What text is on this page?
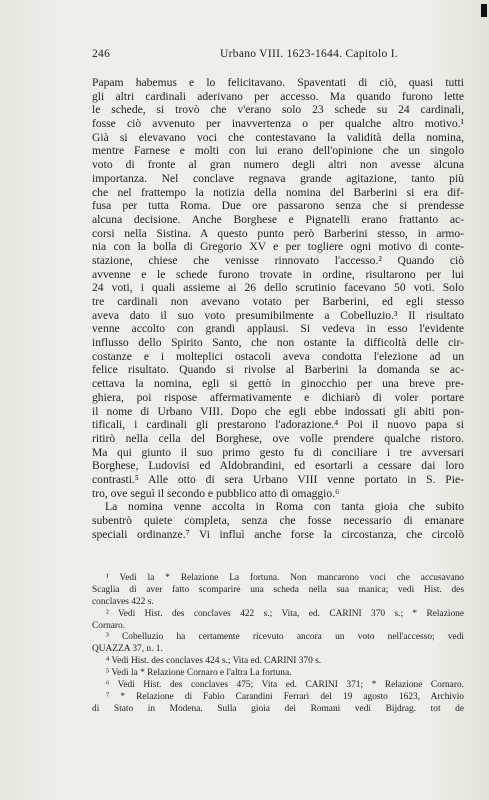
246	Urbano VIII. 1623-1644. Capitolo I.
Papam habemus e lo felicitavano. Spaventati di ciò, quasi tutti
gli altri cardinali aderivano per accesso. Ma quando furono lette
le schede, si trovò che v'erano solo 23 schede su 24 cardinali,
fosse ciò avvenuto per inavvertenza o per qualche altro motivo.¹
Già si elevavano voci che contestavano la validità della nomina,
mentre Farnese e molti con lui erano dell'opinione che un singolo
voto di fronte al gran numero degli altri non avesse alcuna
importanza. Nel conclave regnava grande agitazione, tanto più
che nel frattempo la notizia della nomina del Barberini si era dif-
fusa per tutta Roma. Due ore passarono senza che si prendesse
alcuna decisione. Anche Borghese e Pignatelli erano frattanto ac-
corsi nella Sistina. A questo punto però Barberini stesso, in armo-
nia con la bolla di Gregorio XV e per togliere ogni motivo di conte-
stazione, chiese che venisse rinnovato l'accesso.² Quando ciò
avvenne e le schede furono trovate in ordine, risultarono per lui
24 voti, i quali assieme ai 26 dello scrutinio facevano 50 voti. Solo
tre cardinali non avevano votato per Barberini, ed egli stesso
aveva dato il suo voto presumibilmente a Cobelluzio.³ Il risultato
venne accolto con grandi applausi. Si vedeva in esso l'evidente
influsso dello Spirito Santo, che non ostante la difficoltà delle cir-
costanze e i molteplici ostacoli aveva condotta l'elezione ad un
felice risultato. Quando si rivolse al Barberini la domanda se ac-
cettava la nomina, egli si gettò in ginocchio per una breve pre-
ghiera, poi rispose affermativamente e dichiarò di voler portare
il nome di Urbano VIII. Dopo che egli ebbe indossati gli abiti pon-
tificali, i cardinali gli prestarono l'adorazione.⁴ Poi il nuovo papa si
ritirò nella cella del Borghese, ove volle prendere qualche ristoro.
Ma qui giunto il suo primo gesto fu di conciliare i tre avversari
Borghese, Ludovisi ed Aldobrandini, ed esortarli a cessare dai loro
contrasti.⁵ Alle otto di sera Urbano VIII venne portato in S. Pie-
tro, ove seguì il secondo e pubblico atto di omaggio.⁶
La nomina venne accolta in Roma con tanta gioia che subito
subentrò quiete completa, senza che fosse necessario di emanare
speciali ordinanze.⁷ Vi influì anche forse la circostanza, che circolò
¹ Vedi la * Relazione La fortuna. Non mancarono voci che accusavano
Scaglia di aver fatto scomparire una scheda nella sua manica; vedi Hist. des
conclaves 422 s.
² Vedi Hist. des conclaves 422 s.; Vita, ed. CARINI 370 s.; * Relazione
Cornaro.
³ Cobelluzio ha certamente ricevuto ancora un voto nell'accesso; vedi
QUAZZA 37, n. 1.
⁴ Vedi Hist. des conclaves 424 s.; Vita ed. CARINI 370 s.
⁵ Vedi la * Relazione Cornaro e l'altra La fortuna.
⁶ Vedi Hist. des conclaves 475; Vita ed. CARINI 371; * Relazione Cornaro.
⁷ * Relazione di Fabio Carandini Ferrari del 19 agosto 1623, Archivio
di Stato in Modena. Sulla gioia dei Romani vedi Bijdrag. tot de
